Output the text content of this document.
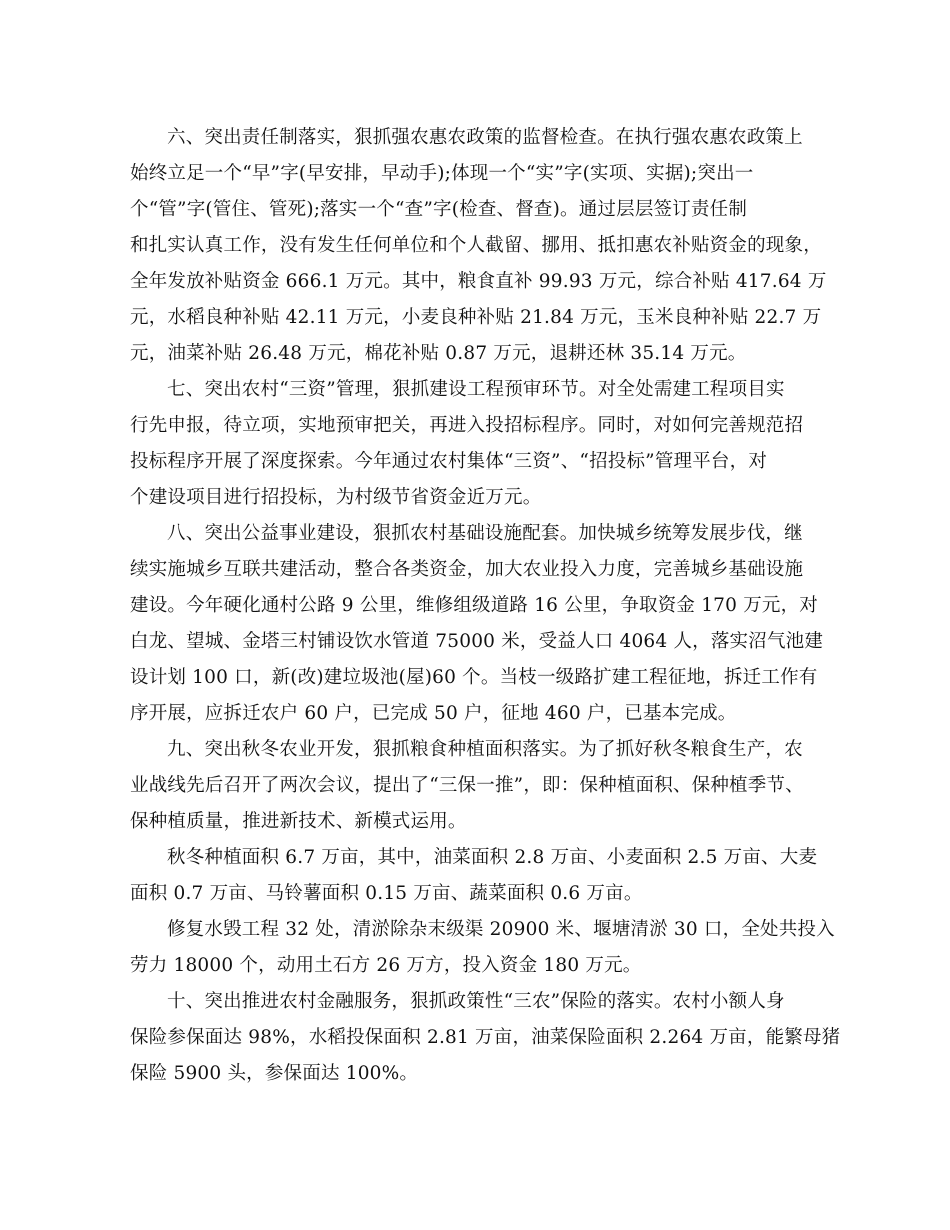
六、突出责任制落实，狠抓强农惠农政策的监督检查。在执行强农惠农政策上
始终立足一个“早”字(早安排，早动手);体现一个“实”字(实项、实据);突出一
个“管”字(管住、管死);落实一个“查”字(检查、督查)。通过层层签订责任制
和扎实认真工作，没有发生任何单位和个人截留、挪用、抵扣惠农补贴资金的现象，
全年发放补贴资金 666.1 万元。其中，粮食直补 99.93 万元，综合补贴 417.64 万
元，水稻良种补贴 42.11 万元，小麦良种补贴 21.84 万元，玉米良种补贴 22.7 万
元，油菜补贴 26.48 万元，棉花补贴 0.87 万元，退耕还林 35.14 万元。
七、突出农村“三资”管理，狠抓建设工程预审环节。对全处需建工程项目实
行先申报，待立项，实地预审把关，再进入投招标程序。同时，对如何完善规范招
投标程序开展了深度探索。今年通过农村集体“三资”、“招投标”管理平台，对
个建设项目进行招投标，为村级节省资金近万元。
八、突出公益事业建设，狠抓农村基础设施配套。加快城乡统筹发展步伐，继
续实施城乡互联共建活动，整合各类资金，加大农业投入力度，完善城乡基础设施
建设。今年硬化通村公路 9 公里，维修组级道路 16 公里，争取资金 170 万元，对
白龙、望城、金塔三村铺设饮水管道 75000 米，受益人口 4064 人，落实沼气池建
设计划 100 口，新(改)建垃圾池(屋)60 个。当枝一级路扩建工程征地，拆迁工作有
序开展，应拆迁农户 60 户，已完成 50 户，征地 460 户，已基本完成。
九、突出秋冬农业开发，狠抓粮食种植面积落实。为了抓好秋冬粮食生产，农
业战线先后召开了两次会议，提出了“三保一推”，即：保种植面积、保种植季节、
保种植质量，推进新技术、新模式运用。
秋冬种植面积 6.7 万亩，其中，油菜面积 2.8 万亩、小麦面积 2.5 万亩、大麦
面积 0.7 万亩、马铃薯面积 0.15 万亩、蔬菜面积 0.6 万亩。
修复水毁工程 32 处，清淤除杂末级渠 20900 米、堰塘清淤 30 口，全处共投入
劳力 18000 个，动用土石方 26 万方，投入资金 180 万元。
十、突出推进农村金融服务，狠抓政策性“三农”保险的落实。农村小额人身
保险参保面达 98%，水稻投保面积 2.81 万亩，油菜保险面积 2.264 万亩，能繁母猪
保险 5900 头，参保面达 100%。
